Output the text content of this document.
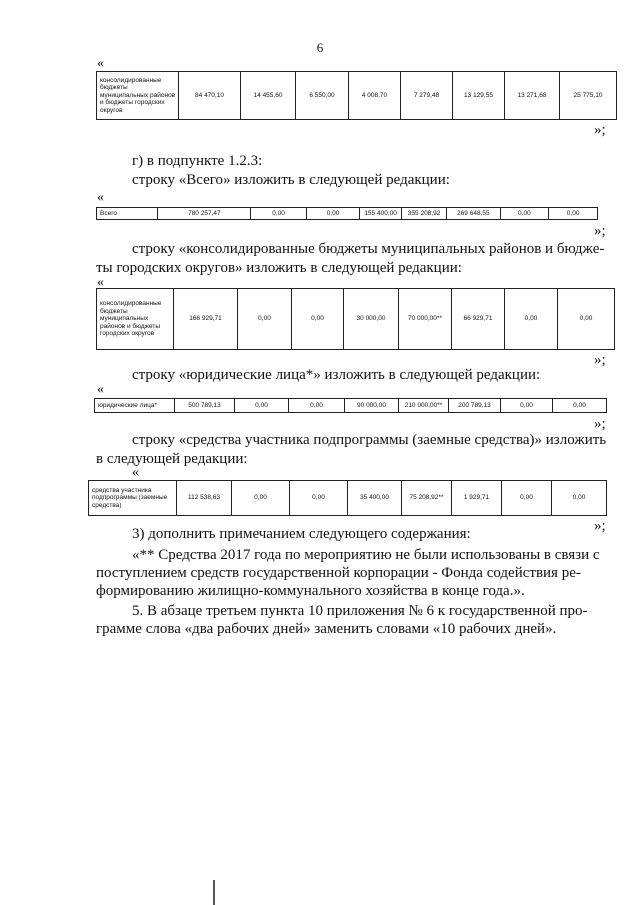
6
«
консолидированные бюджеты муниципальных районов и бюджеты городских округов	84 470,10	14 455,60	6 550,00	4 008,70	7 279,48	13 129,55	13 271,68	25 775,10
»;
г) в подпункте 1.2.3:
строку «Всего» изложить в следующей редакции:
«
Всего	780 257,47	0,00	0,00	155 400,00	355 208,92	269 648,55	0,00	0,00
»;
строку «консолидированные бюджеты муниципальных районов и бюдже-
ты городских округов» изложить в следующей редакции:
«
консолидированные бюджеты муниципальных районов и бюджеты городских округов	166 929,71	0,00	0,00	30 000,00	70 000,00**	66 929,71	0,00	0,00
»;
строку «юридические лица*» изложить в следующей редакции:
«
юридические лица*	500 789,13	0,00	0,00	90 000,00	210 000,00**	200 789,13	0,00	0,00
»;
строку «средства участника подпрограммы (заемные средства)» изложить
в следующей редакции:
«
средства участника подпрограммы (заемные средства)	112 538,63	0,00	0,00	35 400,00	75 208,92**	1 929,71	0,00	0,00
»;
3) дополнить примечанием следующего содержания:
«** Средства 2017 года по мероприятию не были использованы в связи с
поступлением средств государственной корпорации - Фонда содействия ре-
формированию жилищно-коммунального хозяйства в конце года.».
5. В абзаце третьем пункта 10 приложения № 6 к государственной про-
грамме слова «два рабочих дней» заменить словами «10 рабочих дней».
